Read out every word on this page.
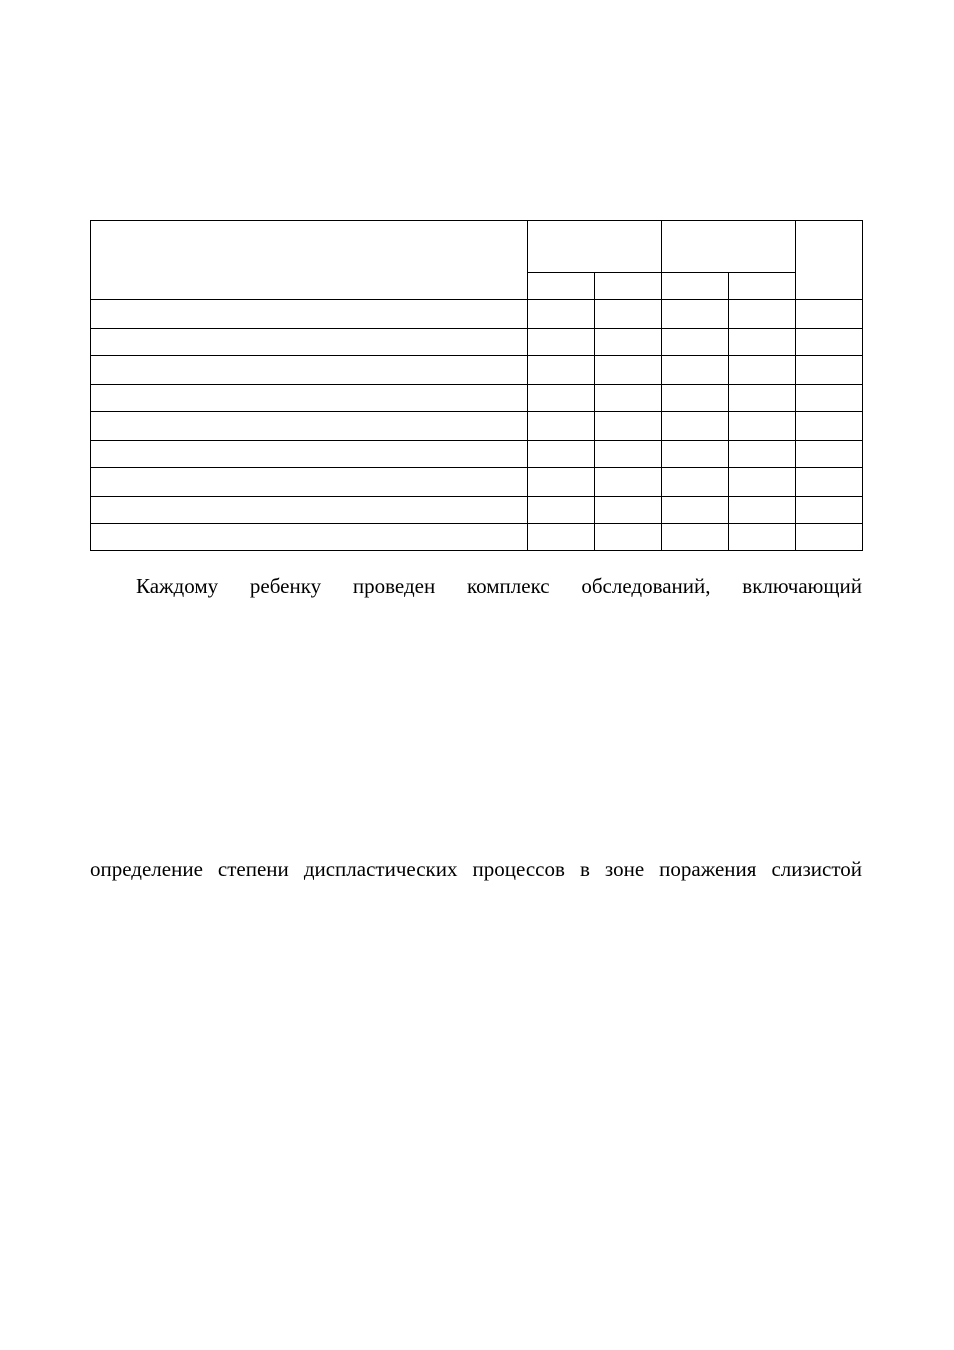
Каждому ребенку проведен комплекс обследований, включающий
определение степени диспластических процессов в зоне поражения слизистой
